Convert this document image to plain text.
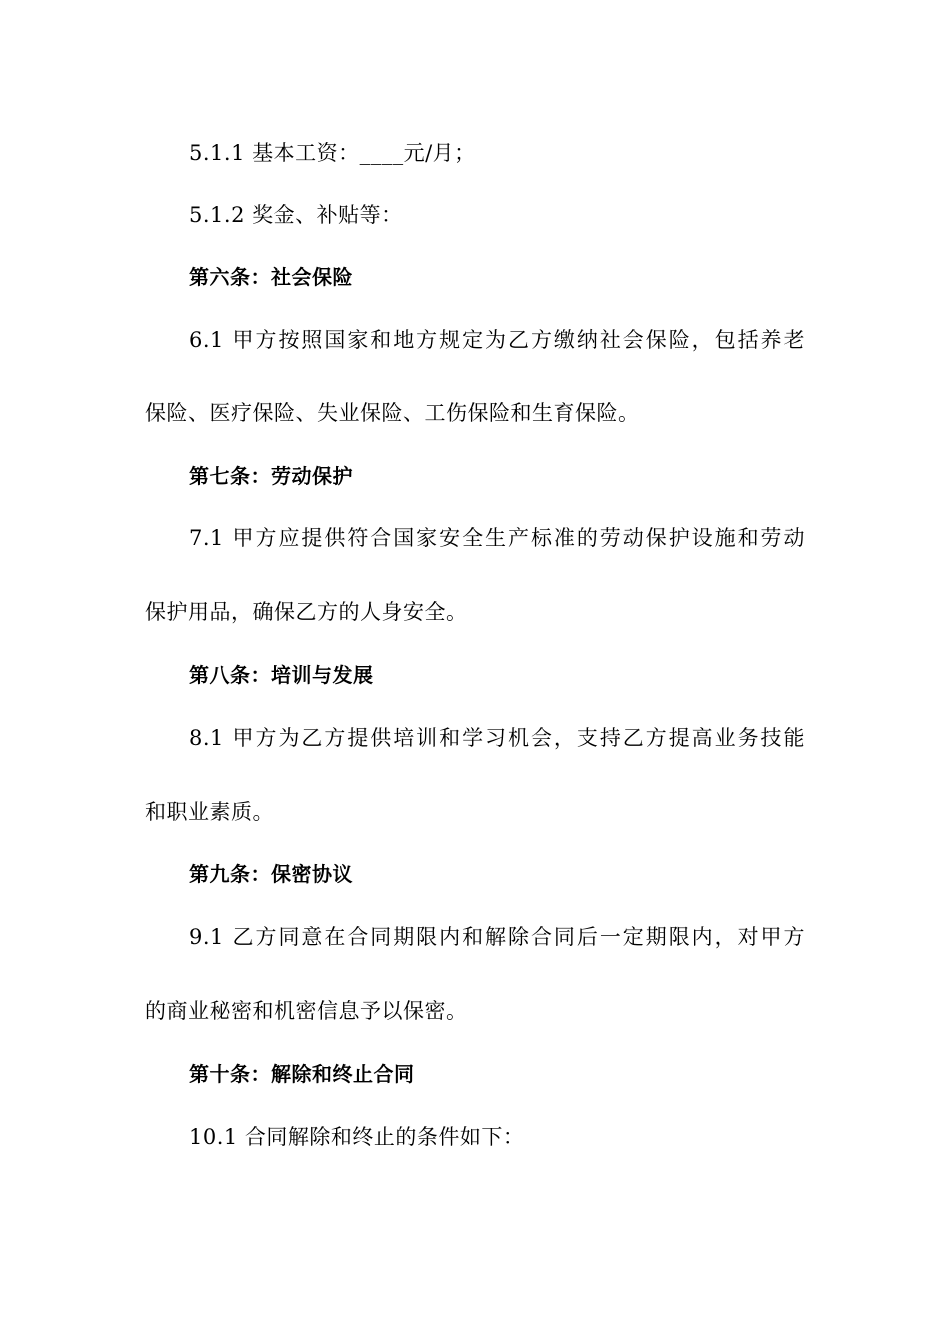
5.1.1 基本工资：____元/月；
5.1.2 奖金、补贴等：
第六条：社会保险
6.1 甲方按照国家和地方规定为乙方缴纳社会保险，包括养老
保险、医疗保险、失业保险、工伤保险和生育保险。
第七条：劳动保护
7.1 甲方应提供符合国家安全生产标准的劳动保护设施和劳动
保护用品，确保乙方的人身安全。
第八条：培训与发展
8.1 甲方为乙方提供培训和学习机会，支持乙方提高业务技能
和职业素质。
第九条：保密协议
9.1 乙方同意在合同期限内和解除合同后一定期限内，对甲方
的商业秘密和机密信息予以保密。
第十条：解除和终止合同
10.1 合同解除和终止的条件如下：
